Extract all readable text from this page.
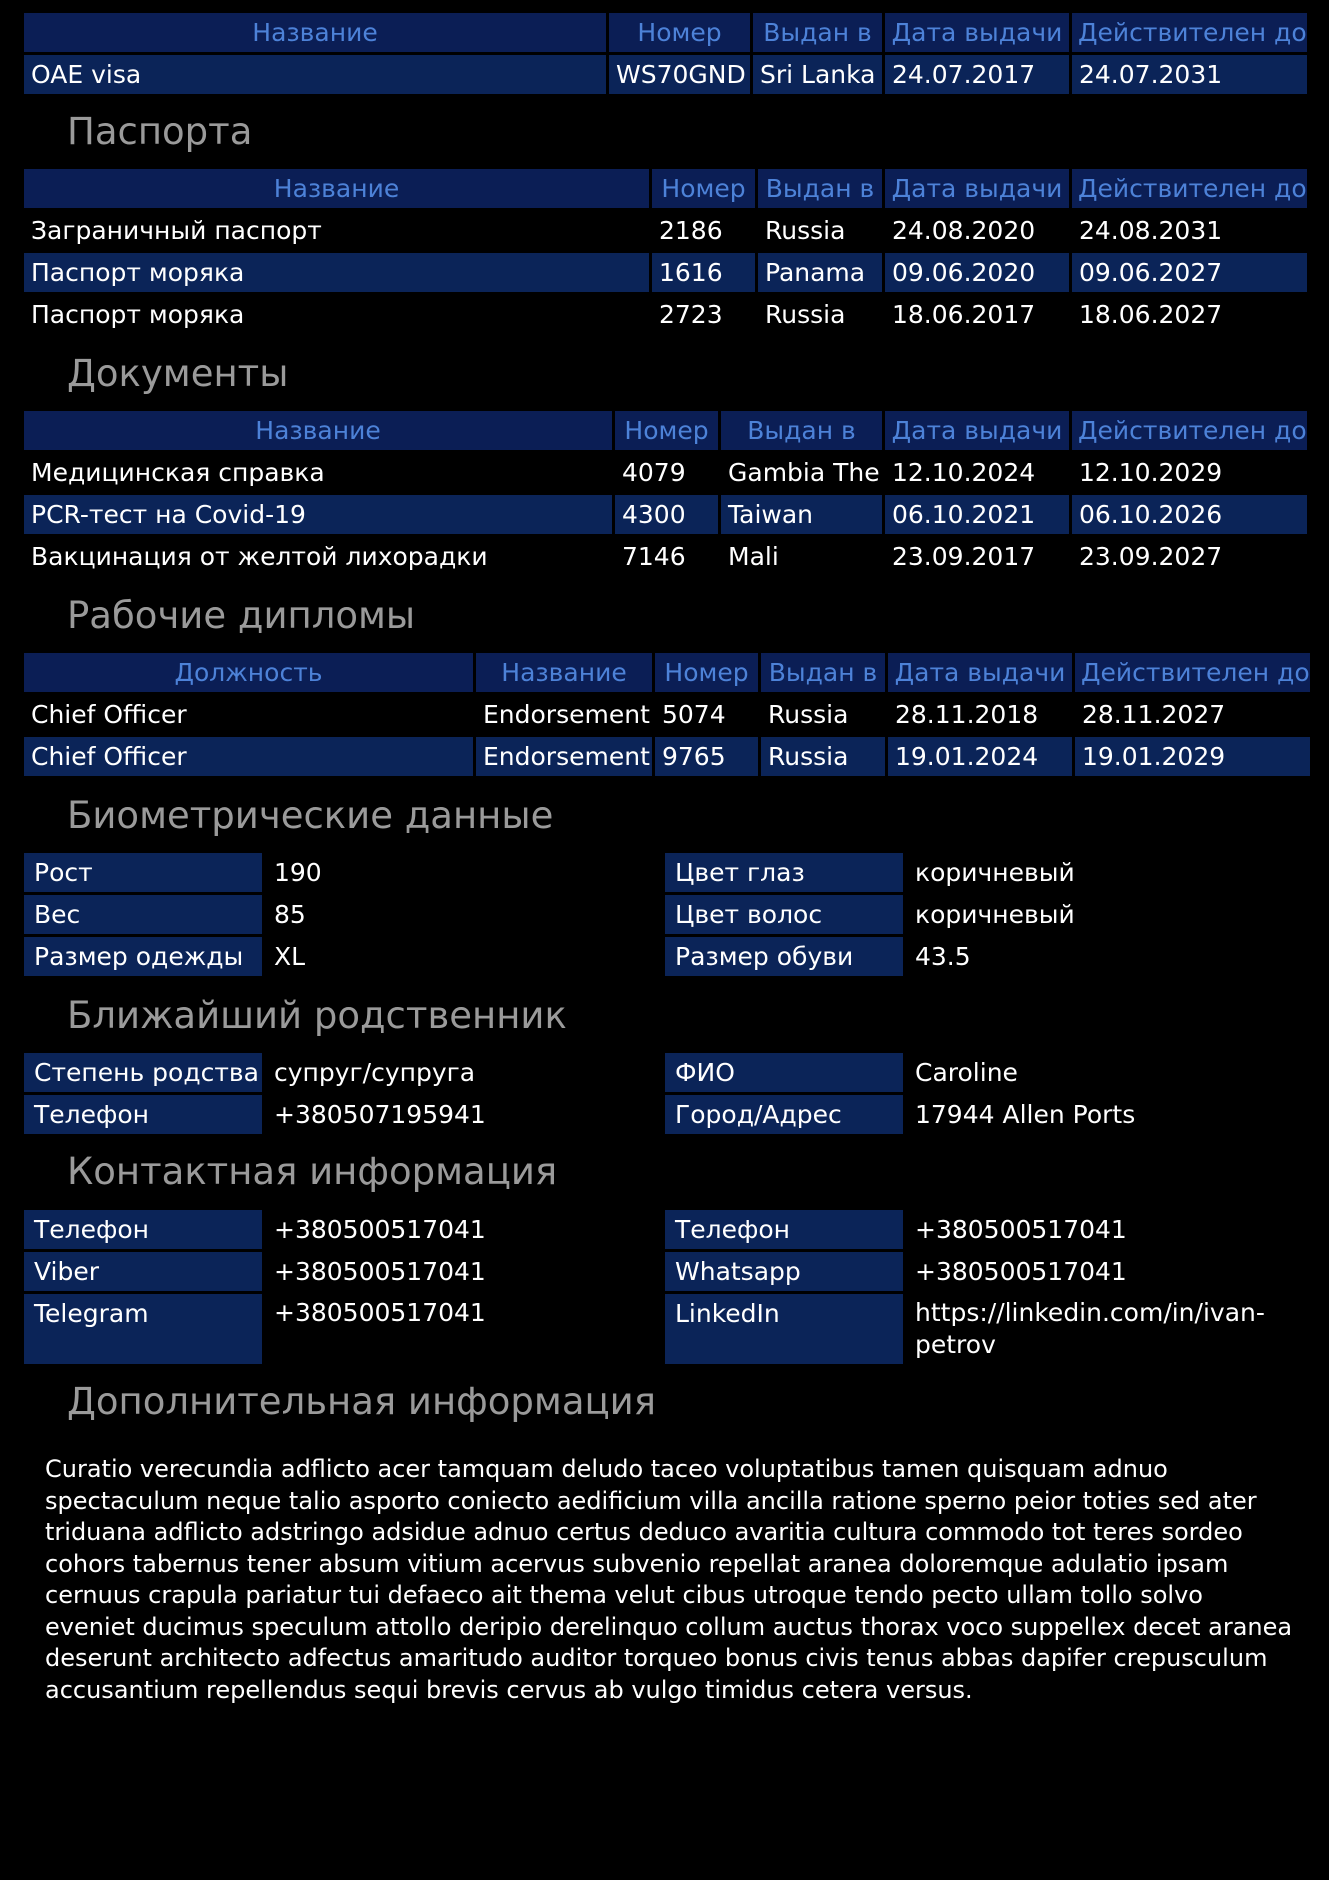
Название	Номер	Выдан в	Дата выдачи	Действителен до
OAE visa	WS70GND	Sri Lanka	24.07.2017	24.07.2031
Паспорта
Название	Номер	Выдан в	Дата выдачи	Действителен до
Заграничный паспорт	2186	Russia	24.08.2020	24.08.2031
Паспорт моряка	1616	Panama	09.06.2020	09.06.2027
Паспорт моряка	2723	Russia	18.06.2017	18.06.2027
Документы
Название	Номер	Выдан в	Дата выдачи	Действителен до
Медицинская справка	4079	Gambia The	12.10.2024	12.10.2029
PCR-тест на Covid-19	4300	Taiwan	06.10.2021	06.10.2026
Вакцинация от желтой лихорадки	7146	Mali	23.09.2017	23.09.2027
Рабочие дипломы
Должность	Название	Номер	Выдан в	Дата выдачи	Действителен до
Chief Officer	Endorsement	5074	Russia	28.11.2018	28.11.2027
Chief Officer	Endorsement	9765	Russia	19.01.2024	19.01.2029
Биометрические данные
Рост	190
Вес	85
Размер одежды	XL
Цвет глаз	коричневый
Цвет волос	коричневый
Размер обуви	43.5
Ближайший родственник
Степень родства супруг/супруга
Телефон	+380507195941
ФИО	Caroline
Город/Адрес	17944 Allen Ports
Контактная информация
Телефон	+380500517041
Viber	+380500517041
Telegram	+380500517041
Телефон	+380500517041
Whatsapp	+380500517041
LinkedIn	https://linkedin.com/in/ivan-petrov
Дополнительная информация
Curatio verecundia adflicto acer tamquam deludo taceo voluptatibus tamen quisquam adnuo spectaculum neque talio asporto coniecto aedificium villa ancilla ratione sperno peior toties sed ater triduana adflicto adstringo adsidue adnuo certus deduco avaritia cultura commodo tot teres sordeo cohors tabernus tener absum vitium acervus subvenio repellat aranea doloremque adulatio ipsam cernuus crapula pariatur tui defaeco ait thema velut cibus utroque tendo pecto ullam tollo solvo eveniet ducimus speculum attollo deripio derelinquo collum auctus thorax voco suppellex decet aranea deserunt architecto adfectus amaritudo auditor torqueo bonus civis tenus abbas dapifer crepusculum accusantium repellendus sequi brevis cervus ab vulgo timidus cetera versus.
